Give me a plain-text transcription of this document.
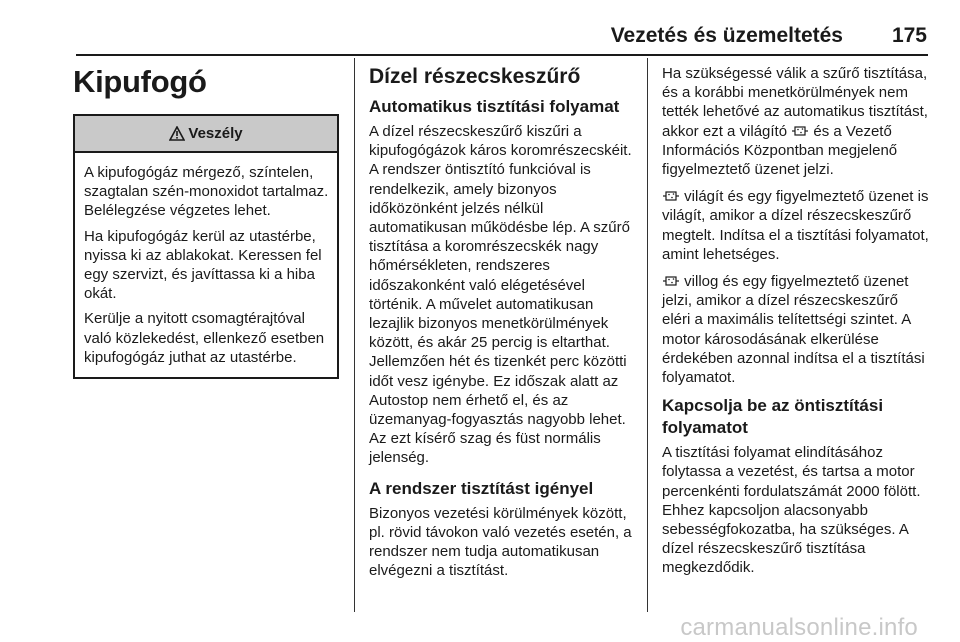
Vezetés és üzemeltetés 175
Kipufogó
Veszély

A kipufogógáz mérgező, színtelen, szagtalan szén-monoxidot tartalmaz. Belélegzése végzetes lehet.

Ha kipufogógáz kerül az utastérbe, nyissa ki az ablakokat. Keressen fel egy szervizt, és javíttassa ki a hiba okát.

Kerülje a nyitott csomagtérajtóval való közlekedést, ellenkező esetben kipufogógáz juthat az utastérbe.

Dízel részecskeszűrő
Automatikus tisztítási folyamat

A dízel részecskeszűrő kiszűri a kipufogógázok káros koromrészecskéit. A rendszer öntisztító funkcióval is rendelkezik, amely bizonyos időközönként jelzés nélkül automatikusan működésbe lép. A szűrő tisztítása a koromrészecskék nagy hőmérsékleten, rendszeres időszakonként való elégetésével történik. A művelet automatikusan lezajlik bizonyos menetkörülmények között, és akár 25 percig is eltarthat. Jellemzően hét és tizenkét perc közötti időt vesz igénybe. Ez időszak alatt az Autostop nem érhető el, és az üzemanyag-fogyasztás nagyobb lehet. Az ezt kísérő szag és füst normális jelenség.

A rendszer tisztítást igényel

Bizonyos vezetési körülmények között, pl. rövid távokon való vezetés esetén, a rendszer nem tudja automatikusan elvégezni a tisztítást.

Ha szükségessé válik a szűrő tisztítása, és a korábbi menetkörülmények nem tették lehetővé az automatikus tisztítást, akkor ezt a világító és a Vezető Információs Központban megjelenő figyelmeztető üzenet jelzi.

világít és egy figyelmeztető üzenet is világít, amikor a dízel részecskeszűrő megtelt. Indítsa el a tisztítási folyamatot, amint lehetséges.

villog és egy figyelmeztető üzenet jelzi, amikor a dízel részecskeszűrő eléri a maximális telítettségi szintet. A motor károsodásának elkerülése érdekében azonnal indítsa el a tisztítási folyamatot.

Kapcsolja be az öntisztítási folyamatot

A tisztítási folyamat elindításához folytassa a vezetést, és tartsa a motor percenkénti fordulatszámát 2000 fölött. Ehhez kapcsoljon alacsonyabb sebességfokozatba, ha szükséges. A dízel részecskeszűrő tisztítása megkezdődik.

carmanualsonline.info
